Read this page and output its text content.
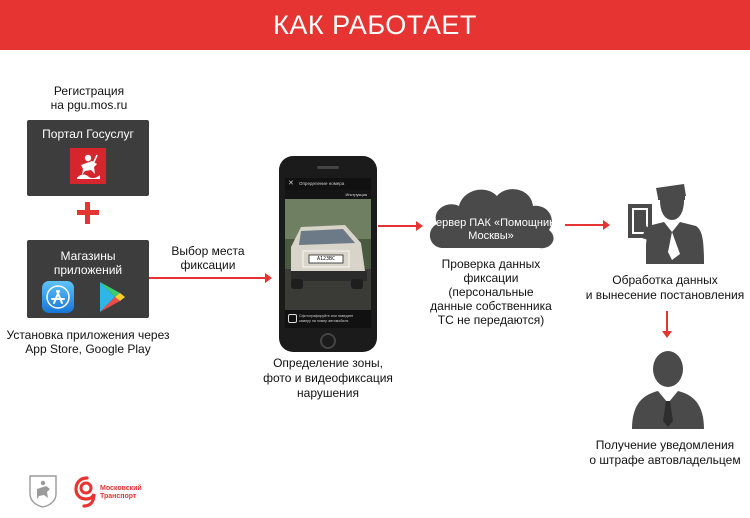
КАК РАБОТАЕТ
Регистрация
на pgu.mos.ru
Портал Госуслуг
Магазины
приложений
Установка приложения через
App Store, Google Play
Выбор места
фиксации	А123ВС
✕ Определение номера
Инструкция
Сфотографируйте или наведите камеру на номер автомобиля
Определение зоны,
фото и видеофиксация
нарушения
Сервер ПАК «Помощник
Москвы»
Проверка данных
фиксации
(персональные
данные собственника
ТС не передаются)
Обработка данных
и вынесение постановления
Получение уведомления
о штрафе автовладельцем
Московский
Транспорт
